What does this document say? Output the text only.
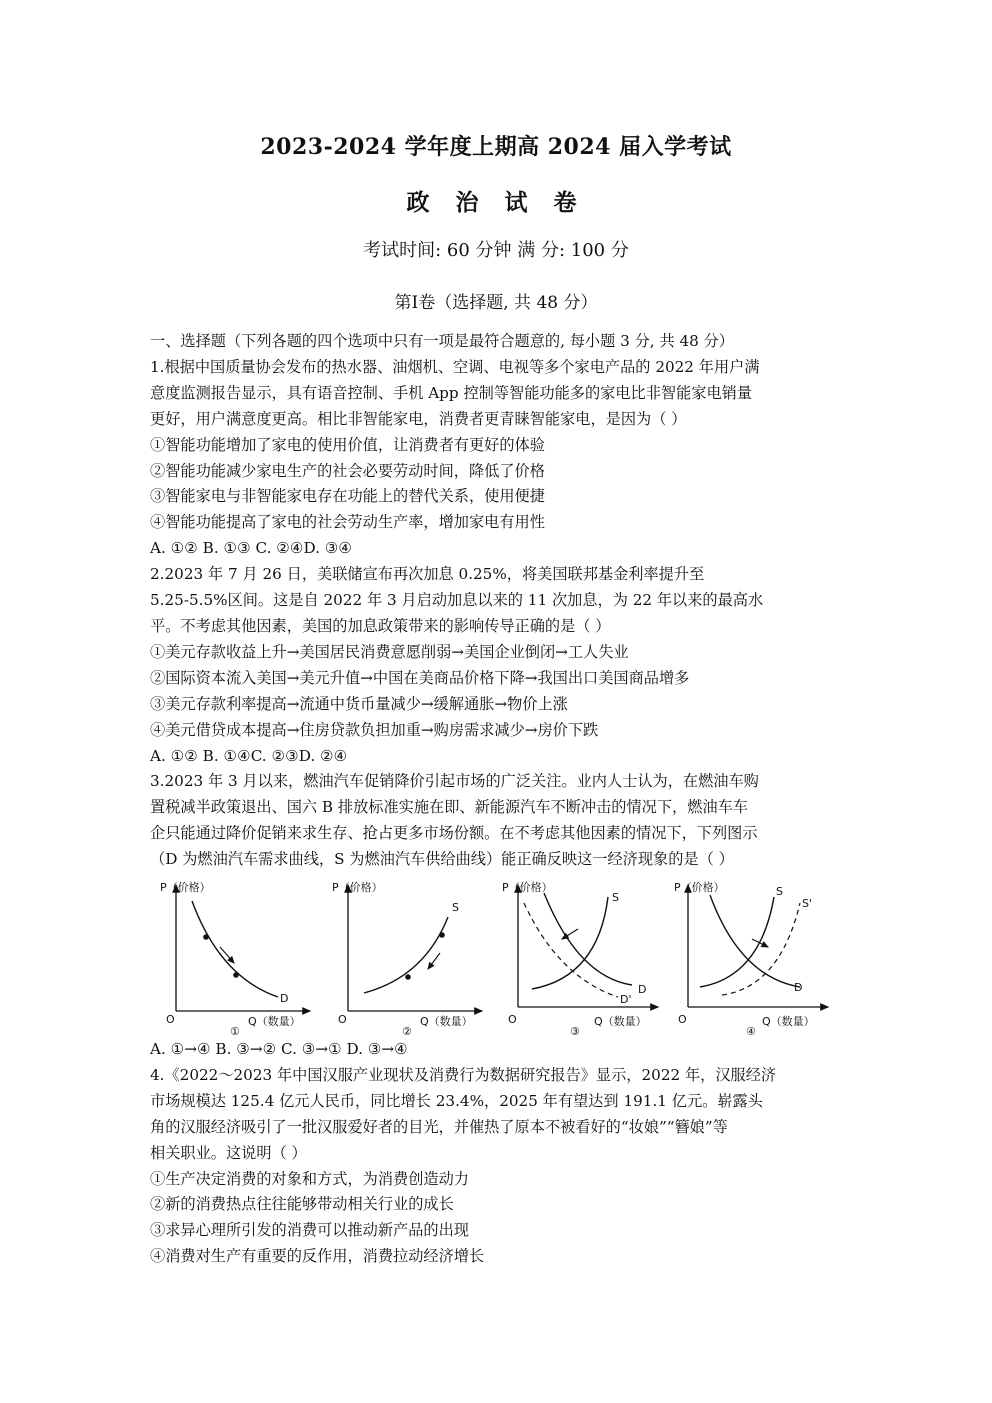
2023-2024 学年度上期高 2024 届入学考试
政 治 试 卷
考试时间: 60 分钟 满 分: 100 分
第Ⅰ卷（选择题, 共 48 分）

一、选择题（下列各题的四个选项中只有一项是最符合题意的, 每小题 3 分, 共 48 分）

1.根据中国质量协会发布的热水器、油烟机、空调、电视等多个家电产品的 2022 年用户满

意度监测报告显示，具有语音控制、手机 App 控制等智能功能多的家电比非智能家电销量

更好，用户满意度更高。相比非智能家电，消费者更青睐智能家电，是因为（ ）

①智能功能增加了家电的使用价值，让消费者有更好的体验

②智能功能减少家电生产的社会必要劳动时间，降低了价格

③智能家电与非智能家电存在功能上的替代关系，使用便捷

④智能功能提高了家电的社会劳动生产率，增加家电有用性

A. ①② B. ①③ C. ②④D. ③④

2.2023 年 7 月 26 日，美联储宣布再次加息 0.25%，将美国联邦基金利率提升至

5.25-5.5%区间。这是自 2022 年 3 月启动加息以来的 11 次加息，为 22 年以来的最高水

平。不考虑其他因素，美国的加息政策带来的影响传导正确的是（ ）

①美元存款收益上升→美国居民消费意愿削弱→美国企业倒闭→工人失业

②国际资本流入美国→美元升值→中国在美商品价格下降→我国出口美国商品增多

③美元存款利率提高→流通中货币量减少→缓解通胀→物价上涨

④美元借贷成本提高→住房贷款负担加重→购房需求减少→房价下跌

A. ①② B. ①④C. ②③D. ②④

3.2023 年 3 月以来，燃油汽车促销降价引起市场的广泛关注。业内人士认为，在燃油车购

置税减半政策退出、国六 B 排放标准实施在即、新能源汽车不断冲击的情况下，燃油车车

企只能通过降价促销来求生存、抢占更多市场份额。在不考虑其他因素的情况下，下列图示

（D 为燃油汽车需求曲线，S 为燃油汽车供给曲线）能正确反映这一经济现象的是（ ）

P（价格）
O	Q（数量）
D
①
P（价格）
O	Q（数量）
S
②
P（价格）
O	Q（数量）
S
D
D'
③
P（价格）
O	Q（数量）
S
S'
D
④

A. ①→④ B. ③→② C. ③→① D. ③→④

4.《2022～2023 年中国汉服产业现状及消费行为数据研究报告》显示，2022 年，汉服经济

市场规模达 125.4 亿元人民币，同比增长 23.4%，2025 年有望达到 191.1 亿元。崭露头

角的汉服经济吸引了一批汉服爱好者的目光，并催热了原本不被看好的“妆娘”“簪娘”等

相关职业。这说明（ ）

①生产决定消费的对象和方式，为消费创造动力

②新的消费热点往往能够带动相关行业的成长

③求异心理所引发的消费可以推动新产品的出现

④消费对生产有重要的反作用，消费拉动经济增长
